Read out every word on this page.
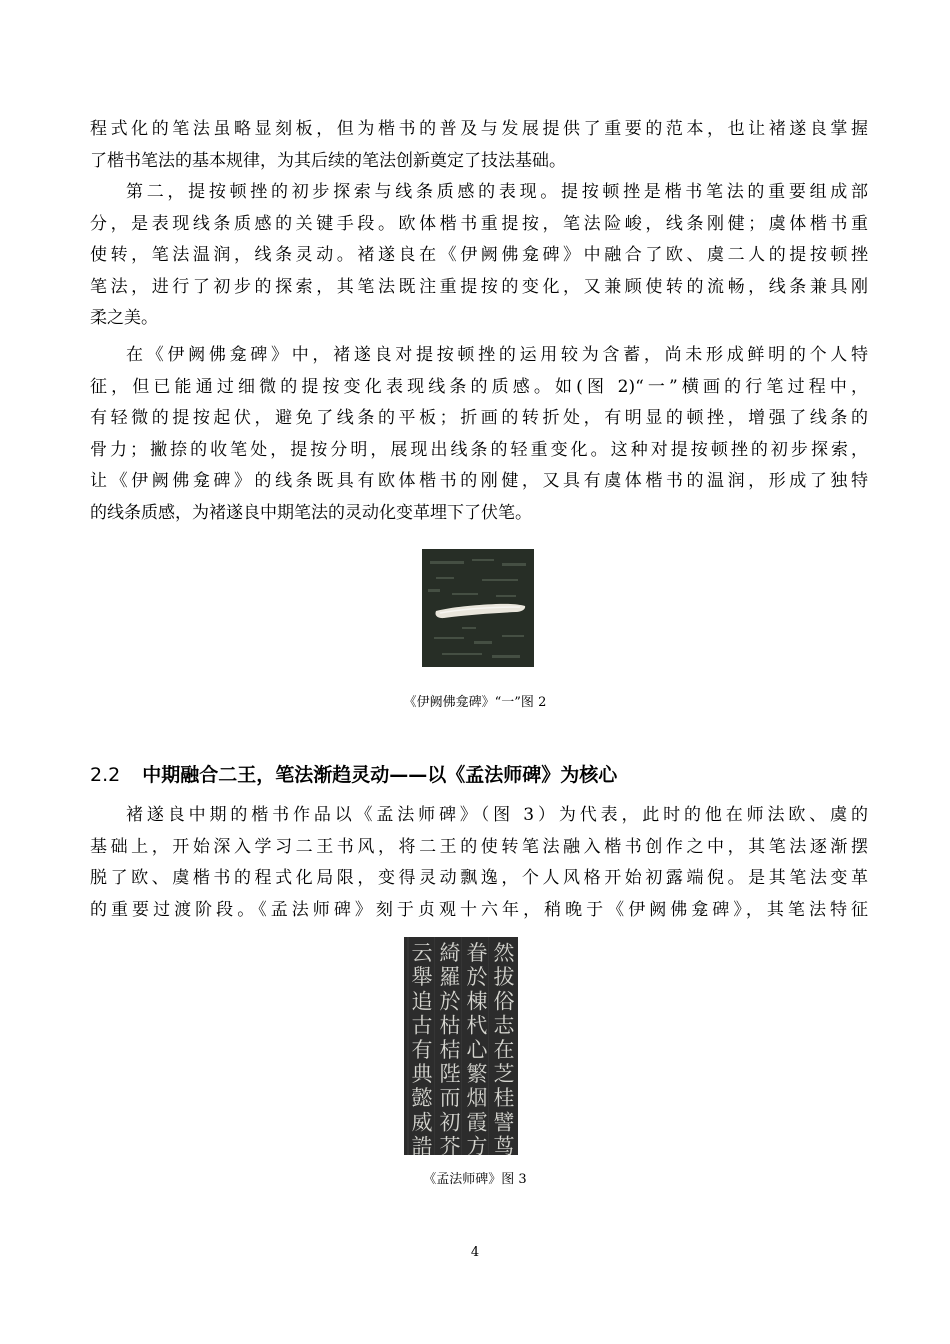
程式化的笔法虽略显刻板，但为楷书的普及与发展提供了重要的范本，也让褚遂良掌握
了楷书笔法的基本规律，为其后续的笔法创新奠定了技法基础。
第二，提按顿挫的初步探索与线条质感的表现。提按顿挫是楷书笔法的重要组成部
分，是表现线条质感的关键手段。欧体楷书重提按，笔法险峻，线条刚健；虞体楷书重
使转，笔法温润，线条灵动。褚遂良在《伊阙佛龛碑》中融合了欧、虞二人的提按顿挫
笔法，进行了初步的探索，其笔法既注重提按的变化，又兼顾使转的流畅，线条兼具刚
柔之美。
在《伊阙佛龛碑》中，褚遂良对提按顿挫的运用较为含蓄，尚未形成鲜明的个人特
征，但已能通过细微的提按变化表现线条的质感。如(图 2)“一”横画的行笔过程中，
有轻微的提按起伏，避免了线条的平板；折画的转折处，有明显的顿挫，增强了线条的
骨力；撇捺的收笔处，提按分明，展现出线条的轻重变化。这种对提按顿挫的初步探索，
让《伊阙佛龛碑》的线条既具有欧体楷书的刚健，又具有虞体楷书的温润，形成了独特
的线条质感，为褚遂良中期笔法的灵动化变革埋下了伏笔。
《伊阙佛龛碑》“一”图 2
2.2 中期融合二王，笔法渐趋灵动——以《孟法师碑》为核心
褚遂良中期的楷书作品以《孟法师碑》（图 3）为代表，此时的他在师法欧、虞的
基础上，开始深入学习二王书风，将二王的使转笔法融入楷书创作之中，其笔法逐渐摆
脱了欧、虞楷书的程式化局限，变得灵动飘逸，个人风格开始初露端倪。是其笔法变革
的重要过渡阶段。《孟法师碑》刻于贞观十六年，稍晚于《伊阙佛龛碑》，其笔法特征
然
拔
俗
志
在
芝
桂
譬
茑
眷
於
棟
杙
心
繁
烟
霞
方
綺
羅
於
枯
桔
陛
而
初
芥
云
舉
追
古
有
典
懿
威
誥
《孟法师碑》图 3
4
